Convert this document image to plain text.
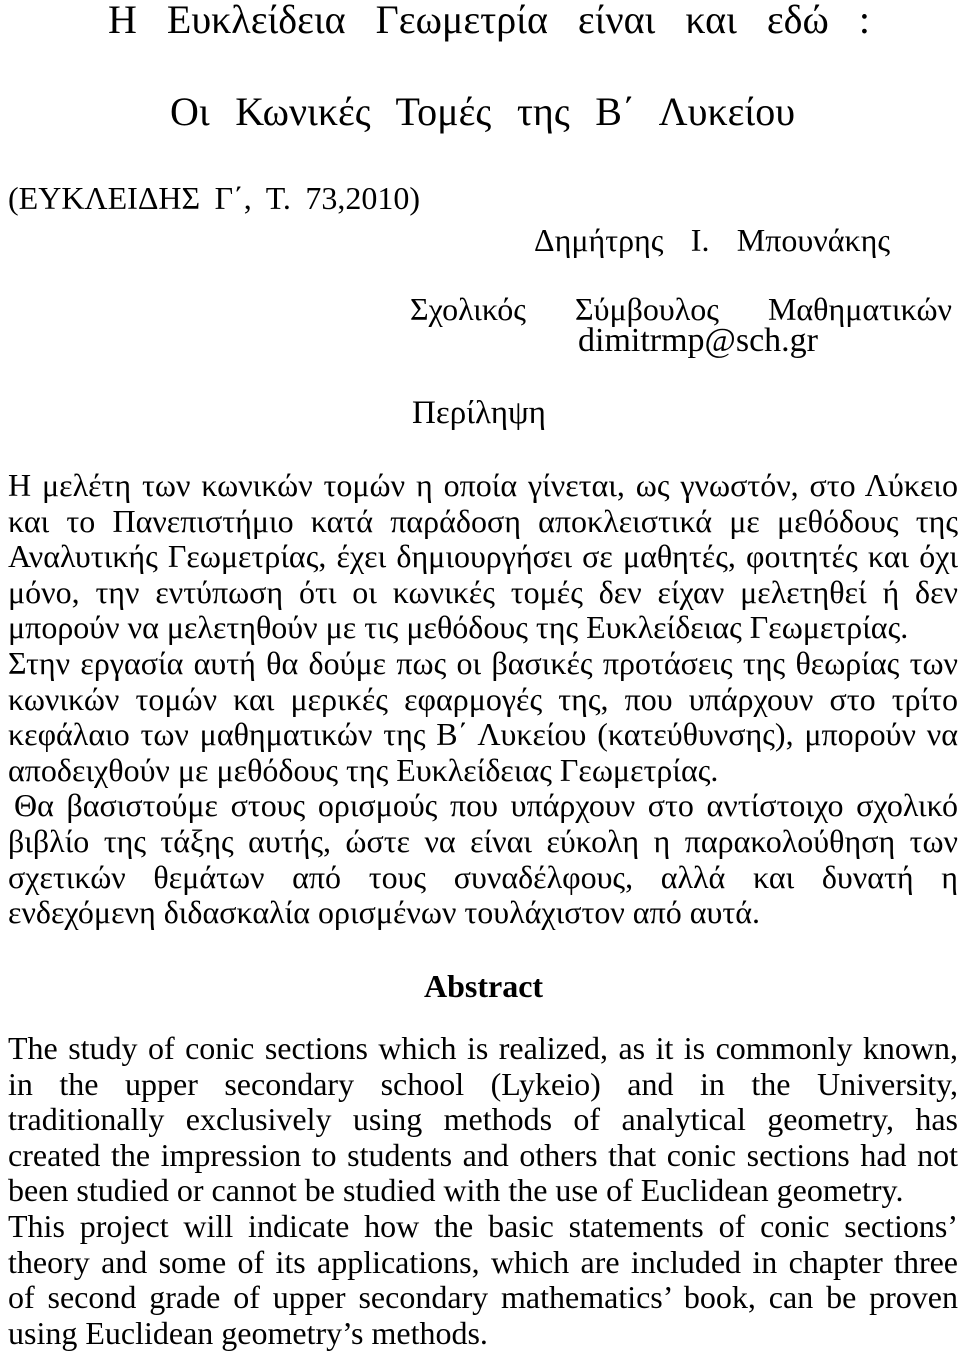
Η Ευκλείδεια Γεωμετρία είναι και εδώ :
Οι Κωνικές Τομές της Β΄ Λυκείου
(ΕΥΚΛΕΙΔΗΣ Γ΄, Τ. 73,2010)
Δημήτρης Ι. Μπουνάκης
Σχολικός Σύμβουλος Μαθηματικών
dimitrmp@sch.gr
Περίληψη
Η μελέτη των κωνικών τομών η οποία γίνεται, ως γνωστόν, στο Λύκειο
και το Πανεπιστήμιο κατά παράδοση αποκλειστικά με μεθόδους της
Αναλυτικής Γεωμετρίας, έχει δημιουργήσει σε μαθητές, φοιτητές και όχι
μόνο, την εντύπωση ότι οι κωνικές τομές δεν είχαν μελετηθεί ή δεν
μπορούν να μελετηθούν με τις μεθόδους της Ευκλείδειας Γεωμετρίας.
Στην εργασία αυτή θα δούμε πως οι βασικές προτάσεις της θεωρίας των
κωνικών τομών και μερικές εφαρμογές της, που υπάρχουν στο τρίτο
κεφάλαιο των μαθηματικών της Β΄ Λυκείου (κατεύθυνσης), μπορούν να
αποδειχθούν με μεθόδους της Ευκλείδειας Γεωμετρίας.
Θα βασιστούμε στους ορισμούς που υπάρχουν στο αντίστοιχο σχολικό
βιβλίο της τάξης αυτής, ώστε να είναι εύκολη η παρακολούθηση των
σχετικών θεμάτων από τους συναδέλφους, αλλά και δυνατή η
ενδεχόμενη διδασκαλία ορισμένων τουλάχιστον από αυτά.
Abstract
The study of conic sections which is realized, as it is commonly known,
in the upper secondary school (Lykeio) and in the University,
traditionally exclusively using methods of analytical geometry, has
created the impression to students and others that conic sections had not
been studied or cannot be studied with the use of Euclidean geometry.
This project will indicate how the basic statements of conic sections’
theory and some of its applications, which are included in chapter three
of second grade of upper secondary mathematics’ book, can be proven
using Euclidean geometry’s methods.
